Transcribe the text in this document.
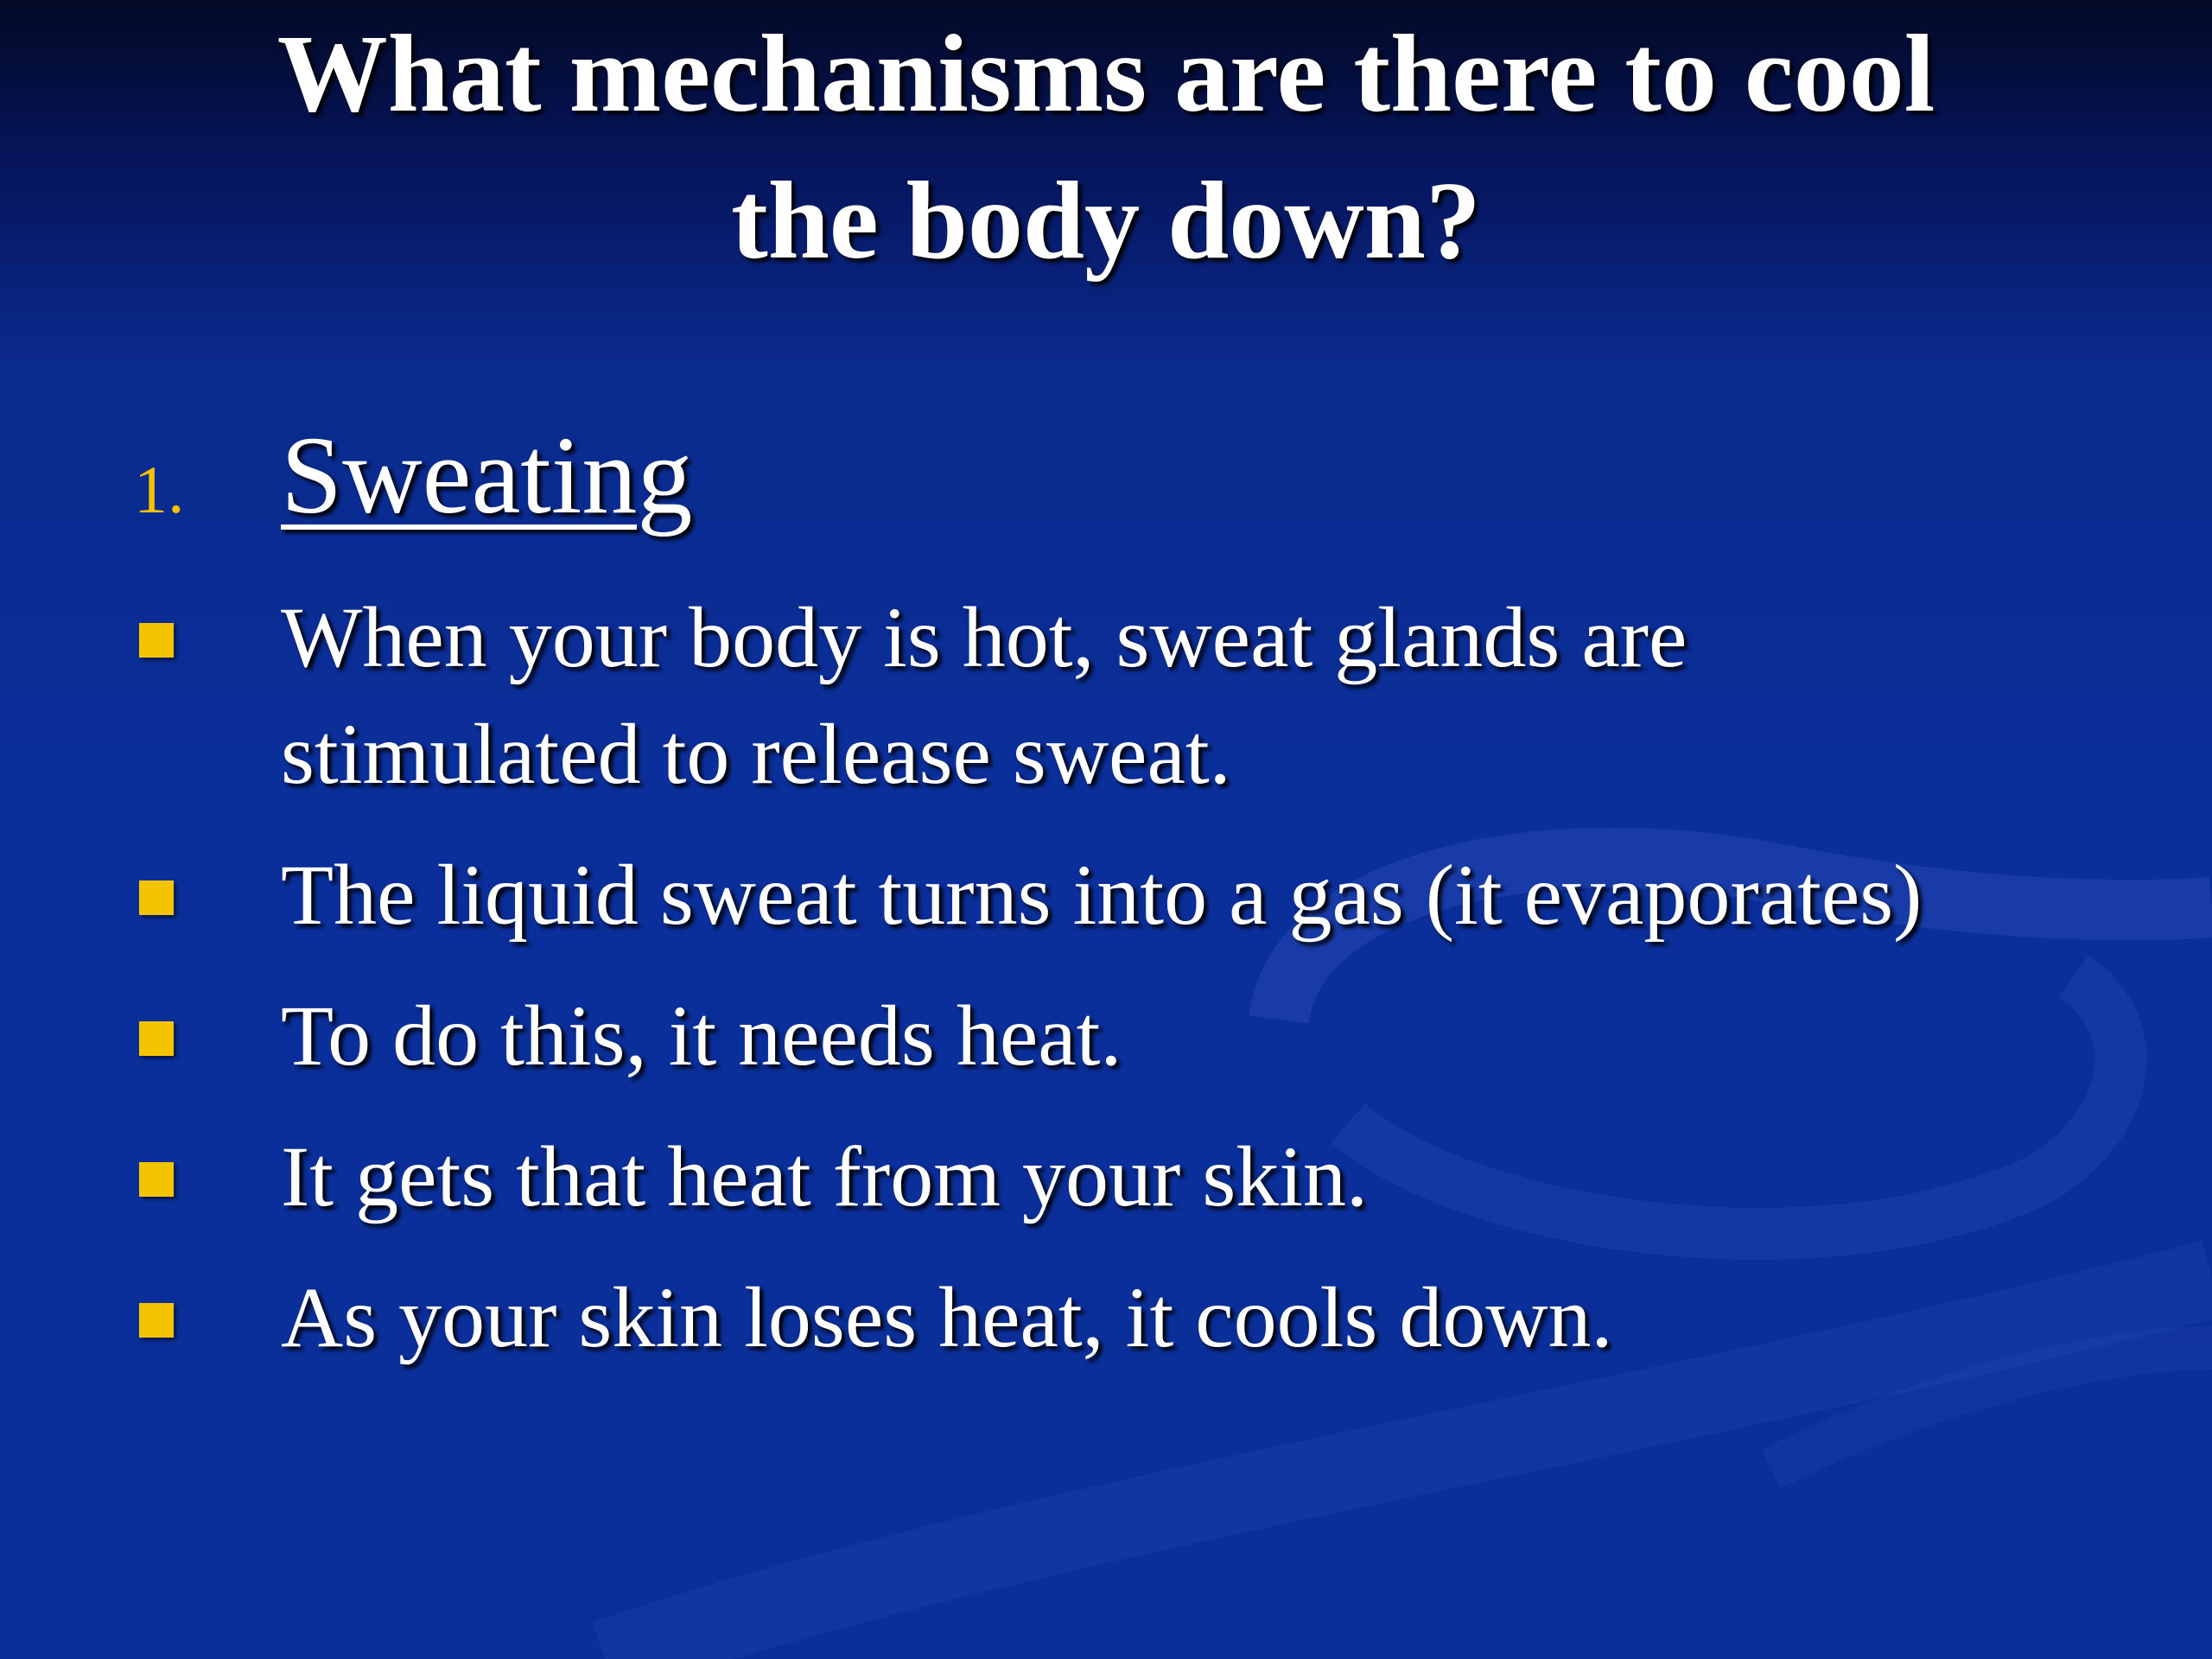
What mechanisms are there to cool
the body down?
1. Sweating
When your body is hot, sweat glands are
stimulated to release sweat.
The liquid sweat turns into a gas (it evaporates)
To do this, it needs heat.
It gets that heat from your skin.
As your skin loses heat, it cools down.
